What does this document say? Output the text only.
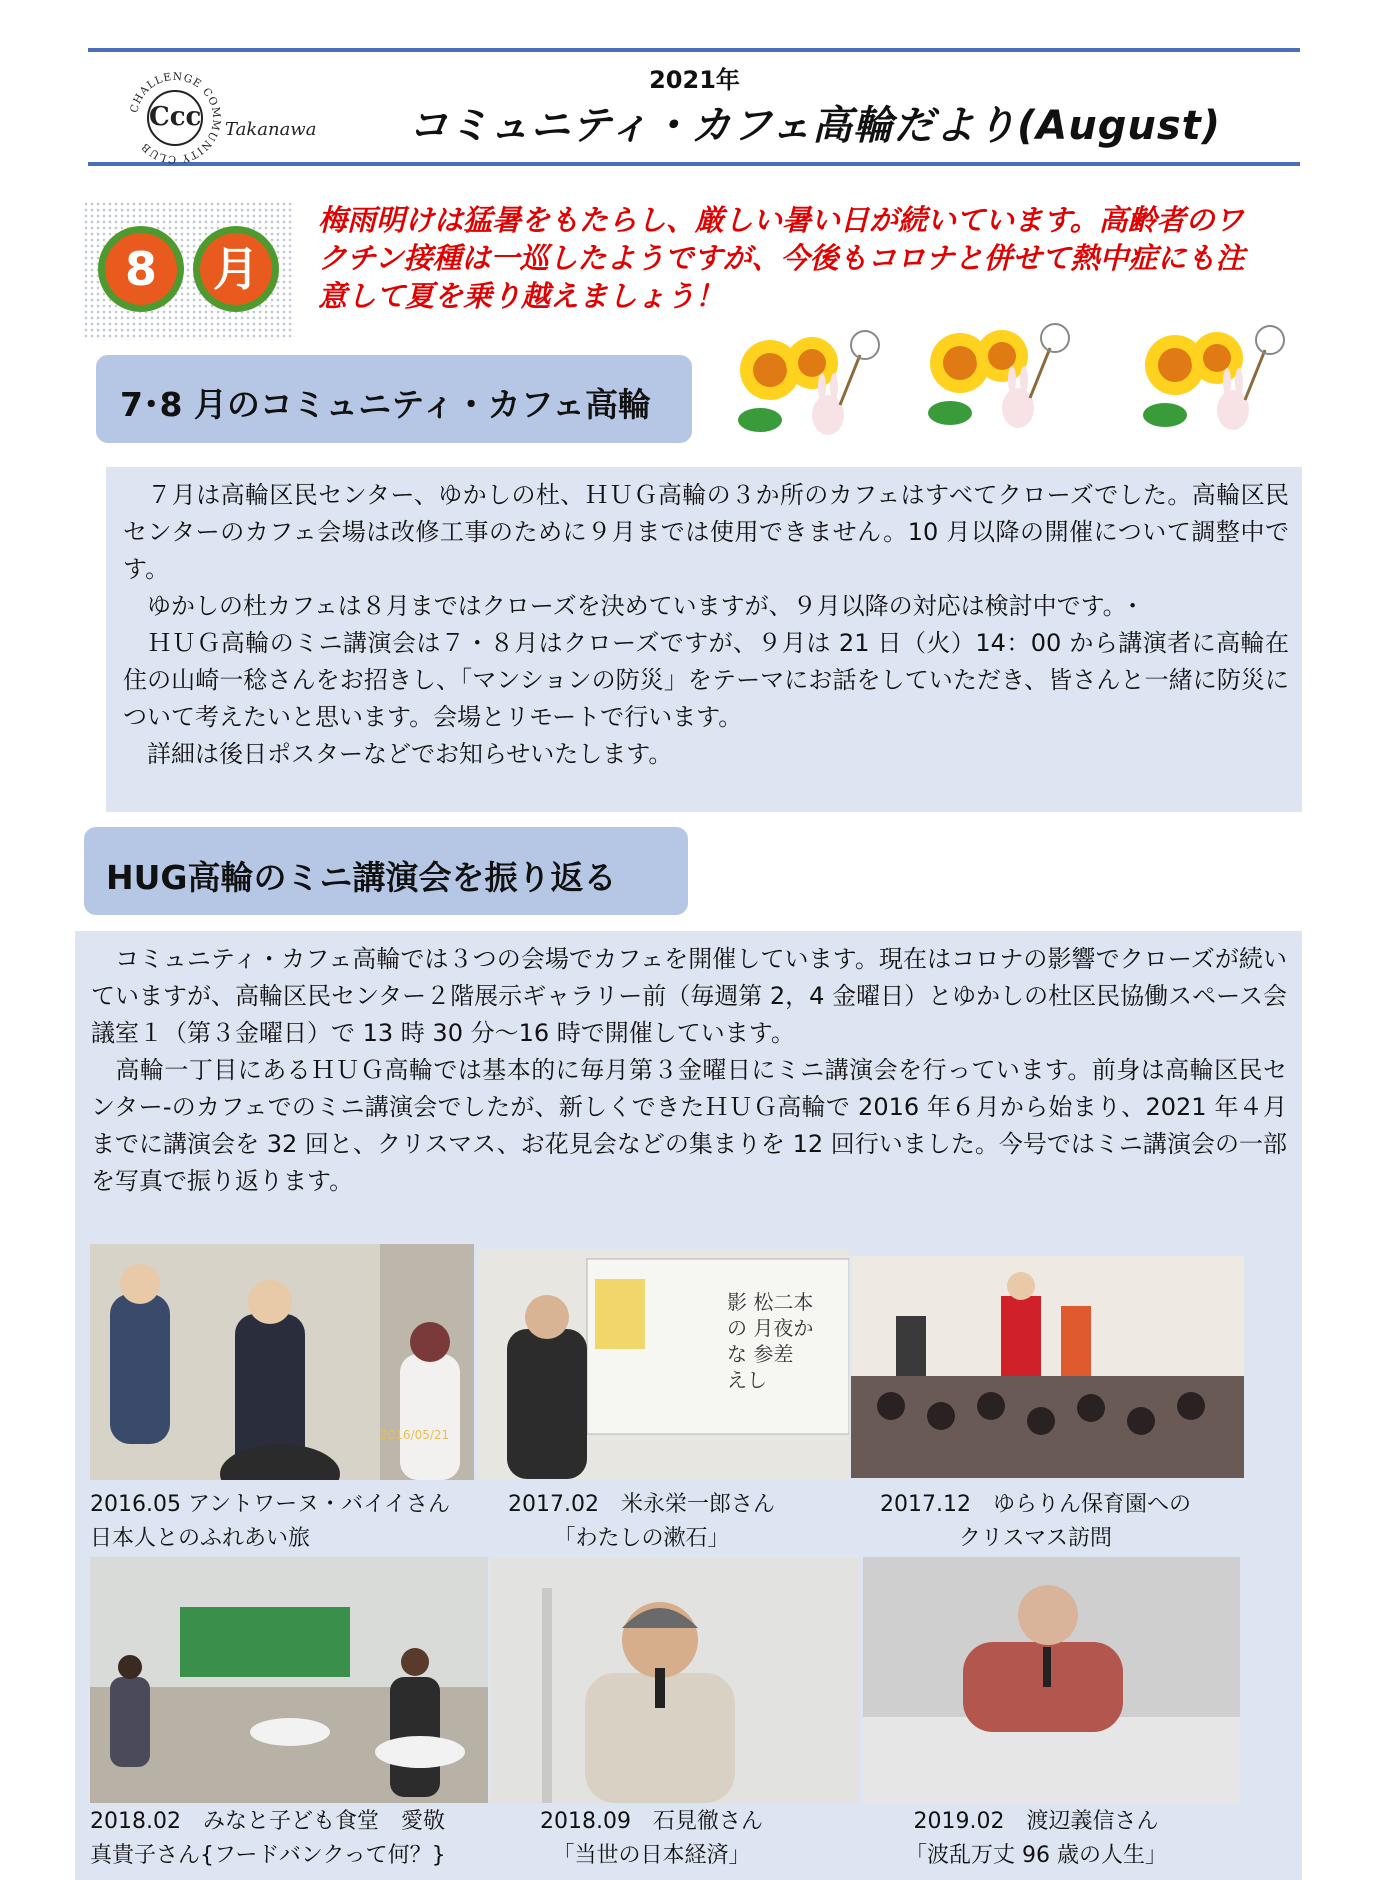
CHALLENGE COMMUNITY CLUB
Ccc Takanawa
2021年
コミュニティ・カフェ高輪だより(August)
8	月
梅雨明けは猛暑をもたらし、厳しい暑い日が続いています。高齢者のワクチン接種は一巡したようですが、今後もコロナと併せて熱中症にも注意して夏を乗り越えましょう！
7･8 月のコミュニティ・カフェ高輪
　７月は高輪区民センター、ゆかしの杜、ＨＵＧ高輪の３か所のカフェはすべてクローズでした。高輪区民センターのカフェ会場は改修工事のために９月までは使用できません。10 月以降の開催について調整中です。
　ゆかしの杜カフェは８月まではクローズを決めていますが、９月以降の対応は検討中です。･
　ＨＵＧ高輪のミニ講演会は７・８月はクローズですが、９月は 21 日（火）14：00 から講演者に高輪在住の山崎一稔さんをお招きし、「マンションの防災」をテーマにお話をしていただき、皆さんと一緒に防災について考えたいと思います。会場とリモートで行います。
　詳細は後日ポスターなどでお知らせいたします。
HUG高輪のミニ講演会を振り返る
　コミュニティ・カフェ高輪では３つの会場でカフェを開催しています。現在はコロナの影響でクローズが続いていますが、高輪区民センター２階展示ギャラリー前（毎週第 2，4 金曜日）とゆかしの杜区民協働スペース会議室１（第３金曜日）で 13 時 30 分～16 時で開催しています。
　高輪一丁目にあるＨＵＧ高輪では基本的に毎月第３金曜日にミニ講演会を行っています。前身は高輪区民センター-のカフェでのミニ講演会でしたが、新しくできたＨＵＧ高輪で 2016 年６月から始まり、2021 年４月までに講演会を 32 回と、クリスマス、お花見会などの集まりを 12 回行いました。今号ではミニ講演会の一部を写真で振り返ります。
2016/05/21
影 松二本の 月夜かな 参差 えし
2016.05 アントワーヌ・バイイさん
日本人とのふれあい旅
2017.02　米永栄一郎さん
「わたしの漱石」
2017.12　ゆらりん保育園への
クリスマス訪問
2018.02　みなと子ども食堂　愛敬
真貴子さん{フードバンクって何？}
2018.09　石見徹さん
「当世の日本経済」
2019.02　渡辺義信さん
「波乱万丈 96 歳の人生」
